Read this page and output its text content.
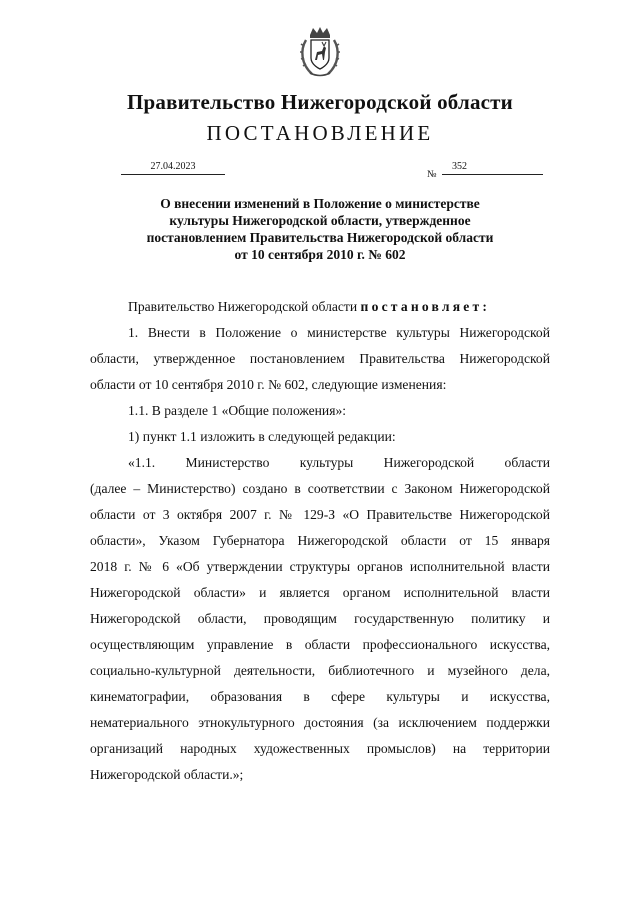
Правительство Нижегородской области
ПОСТАНОВЛЕНИЕ
27.04.2023
№
352
О внесении изменений в Положение о министерстве
культуры Нижегородской области, утвержденное
постановлением Правительства Нижегородской области
от 10 сентября 2010 г. № 602
Правительство Нижегородской области постановляет:
1. Внести в Положение о министерстве культуры Нижегородской
области, утвержденное постановлением Правительства Нижегородской
области от 10 сентября 2010 г. № 602, следующие изменения:
1.1. В разделе 1 «Общие положения»:
1) пункт 1.1 изложить в следующей редакции:
«1.1. Министерство культуры Нижегородской области
(далее – Министерство) создано в соответствии с Законом Нижегородской
области от 3 октября 2007 г. № 129-З «О Правительстве Нижегородской
области», Указом Губернатора Нижегородской области от 15 января
2018 г. № 6 «Об утверждении структуры органов исполнительной власти
Нижегородской области» и является органом исполнительной власти
Нижегородской области, проводящим государственную политику и
осуществляющим управление в области профессионального искусства,
социально-культурной деятельности, библиотечного и музейного дела,
кинематографии, образования в сфере культуры и искусства,
нематериального этнокультурного достояния (за исключением поддержки
организаций народных художественных промыслов) на территории
Нижегородской области.»;
